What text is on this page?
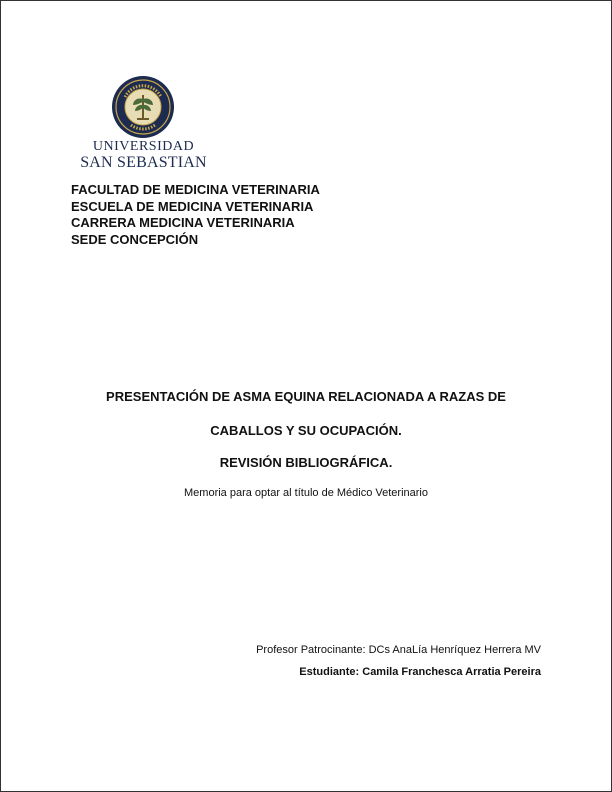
UNIVERSIDAD
SAN SEBASTIAN
FACULTAD DE MEDICINA VETERINARIA
ESCUELA DE MEDICINA VETERINARIA
CARRERA MEDICINA VETERINARIA
SEDE CONCEPCIÓN
PRESENTACIÓN DE ASMA EQUINA RELACIONADA A RAZAS DE
CABALLOS Y SU OCUPACIÓN.
REVISIÓN BIBLIOGRÁFICA.
Memoria para optar al título de Médico Veterinario
Profesor Patrocinante: DCs AnaLía Henríquez Herrera MV
Estudiante: Camila Franchesca Arratia Pereira
